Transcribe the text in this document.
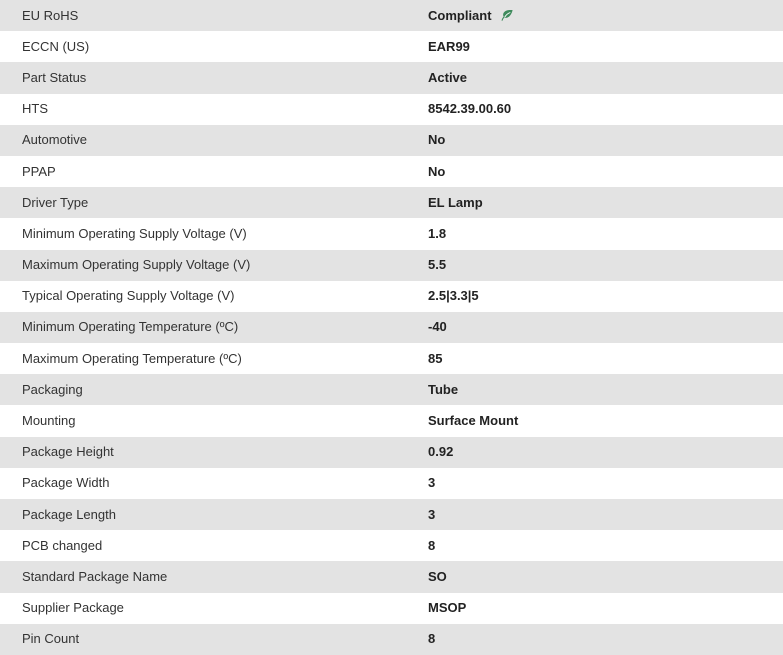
EU RoHS	Compliant

ECCN (US)	EAR99

Part Status	Active

HTS	8542.39.00.60

Automotive	No

PPAP	No

Driver Type	EL Lamp

Minimum Operating Supply Voltage (V)	1.8

Maximum Operating Supply Voltage (V)	5.5

Typical Operating Supply Voltage (V)	2.5|3.3|5

Minimum Operating Temperature (ºC)	-40

Maximum Operating Temperature (ºC)	85

Packaging	Tube

Mounting	Surface Mount

Package Height	0.92

Package Width	3

Package Length	3

PCB changed	8

Standard Package Name	SO

Supplier Package	MSOP

Pin Count	8
